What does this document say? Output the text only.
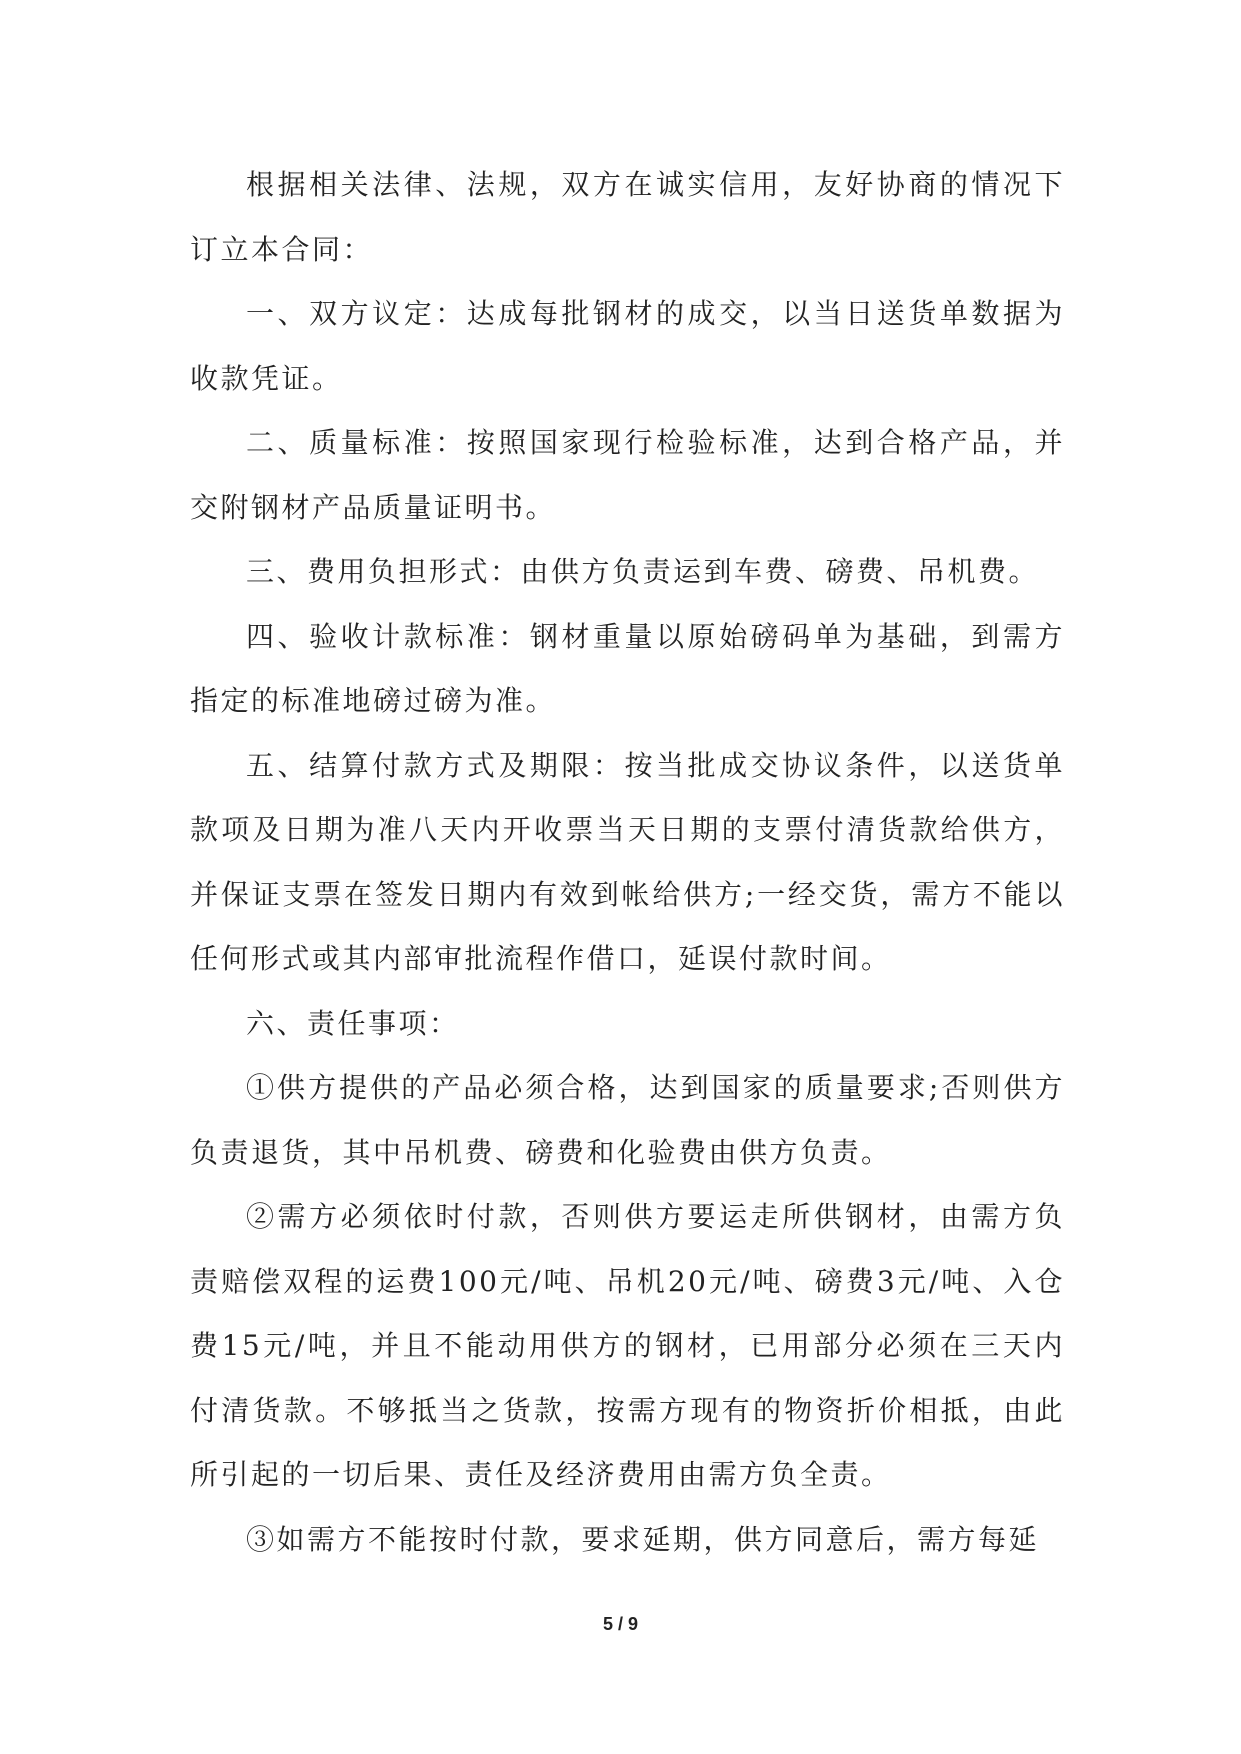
根据相关法律、法规，双方在诚实信用，友好协商的情况下订立本合同：

一、双方议定：达成每批钢材的成交，以当日送货单数据为收款凭证。

二、质量标准：按照国家现行检验标准，达到合格产品，并交附钢材产品质量证明书。

三、费用负担形式：由供方负责运到车费、磅费、吊机费。

四、验收计款标准：钢材重量以原始磅码单为基础，到需方指定的标准地磅过磅为准。

五、结算付款方式及期限：按当批成交协议条件，以送货单款项及日期为准八天内开收票当天日期的支票付清货款给供方，并保证支票在签发日期内有效到帐给供方;一经交货，需方不能以任何形式或其内部审批流程作借口，延误付款时间。

六、责任事项：

①供方提供的产品必须合格，达到国家的质量要求;否则供方负责退货，其中吊机费、磅费和化验费由供方负责。

②需方必须依时付款，否则供方要运走所供钢材，由需方负责赔偿双程的运费100元/吨、吊机20元/吨、磅费3元/吨、入仓费15元/吨，并且不能动用供方的钢材，已用部分必须在三天内付清货款。不够抵当之货款，按需方现有的物资折价相抵，由此所引起的一切后果、责任及经济费用由需方负全责。

③如需方不能按时付款，要求延期，供方同意后，需方每延

5 / 9
